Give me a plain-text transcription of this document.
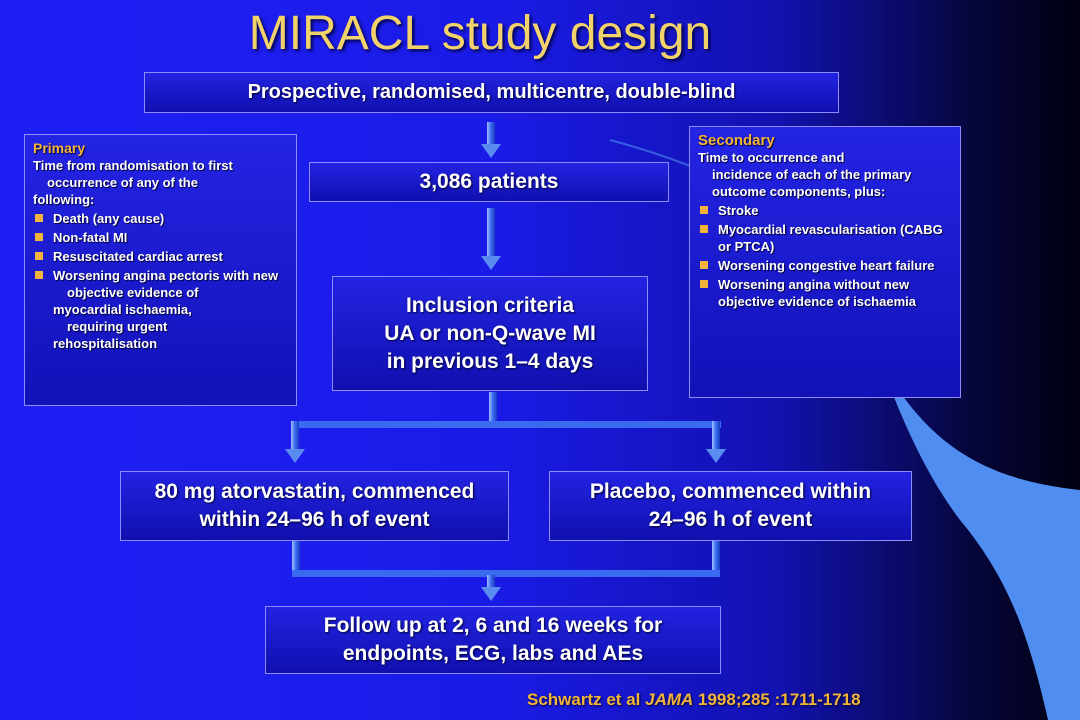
MIRACL study design
Prospective, randomised, multicentre, double-blind
3,086 patients
Inclusion criteria
UA or non-Q-wave MI
in previous 1–4 days
80 mg atorvastatin, commenced
within 24–96 h of event
Placebo, commenced within
24–96 h of event
Follow up at 2, 6 and 16 weeks for
endpoints, ECG, labs and AEs
Primary
Time from randomisation to first
occurrence of any of the
following:
Death (any cause)
Non-fatal MI
Resuscitated cardiac arrest
Worsening angina pectoris with new
objective evidence of
myocardial ischaemia,
requiring urgent
rehospitalisation
Secondary
Time to occurrence and
incidence of each of the primary outcome components, plus:
Stroke
Myocardial revascularisation (CABG or PTCA)
Worsening congestive heart failure
Worsening angina without new objective evidence of ischaemia
Schwartz et al JAMA 1998;285 :1711-1718
